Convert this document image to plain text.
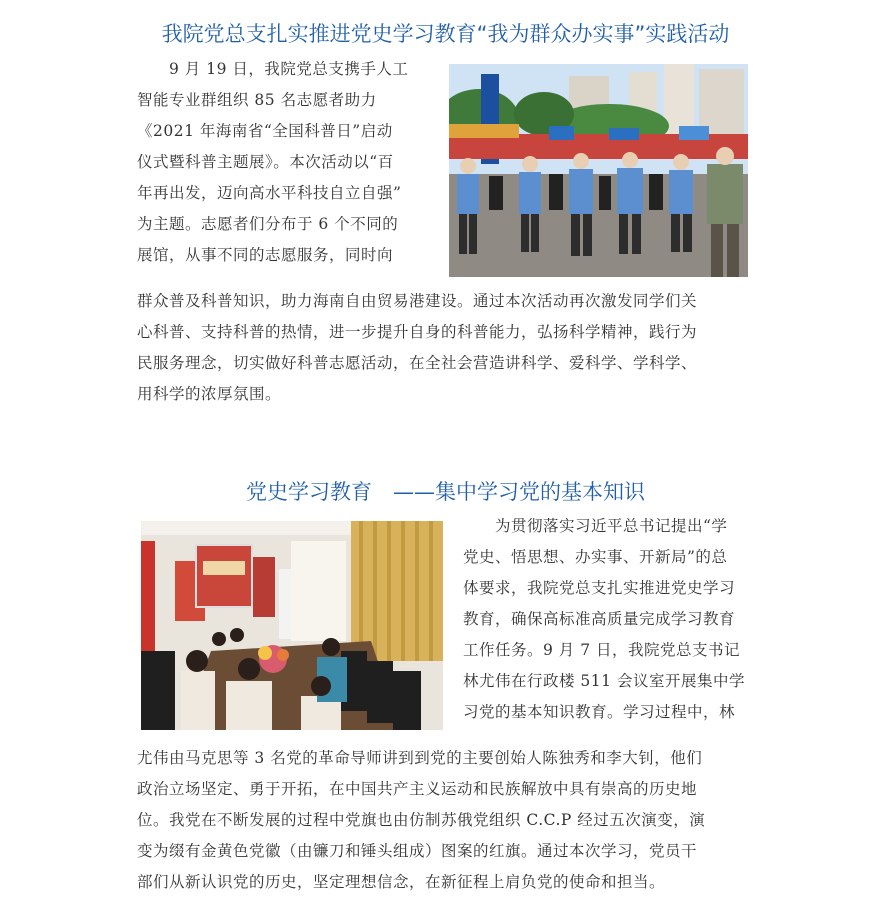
我院党总支扎实推进党史学习教育“我为群众办实事”实践活动
　　9 月 19 日，我院党总支携手人工
智能专业群组织 85 名志愿者助力
《2021 年海南省“全国科普日”启动
仪式暨科普主题展》。本次活动以“百
年再出发，迈向高水平科技自立自强”
为主题。志愿者们分布于 6 个不同的
展馆，从事不同的志愿服务，同时向
群众普及科普知识，助力海南自由贸易港建设。通过本次活动再次激发同学们关
心科普、支持科普的热情，进一步提升自身的科普能力，弘扬科学精神，践行为
民服务理念，切实做好科普志愿活动，在全社会营造讲科学、爱科学、学科学、
用科学的浓厚氛围。
党史学习教育　——集中学习党的基本知识
　　为贯彻落实习近平总书记提出“学
党史、悟思想、办实事、开新局”的总
体要求，我院党总支扎实推进党史学习
教育，确保高标准高质量完成学习教育
工作任务。9 月 7 日，我院党总支书记
林尤伟在行政楼 511 会议室开展集中学
习党的基本知识教育。学习过程中，林
尤伟由马克思等 3 名党的革命导师讲到到党的主要创始人陈独秀和李大钊，他们
政治立场坚定、勇于开拓，在中国共产主义运动和民族解放中具有崇高的历史地
位。我党在不断发展的过程中党旗也由仿制苏俄党组织 C.C.P 经过五次演变，演
变为缀有金黄色党徽（由镰刀和锤头组成）图案的红旗。通过本次学习，党员干
部们从新认识党的历史，坚定理想信念，在新征程上肩负党的使命和担当。
